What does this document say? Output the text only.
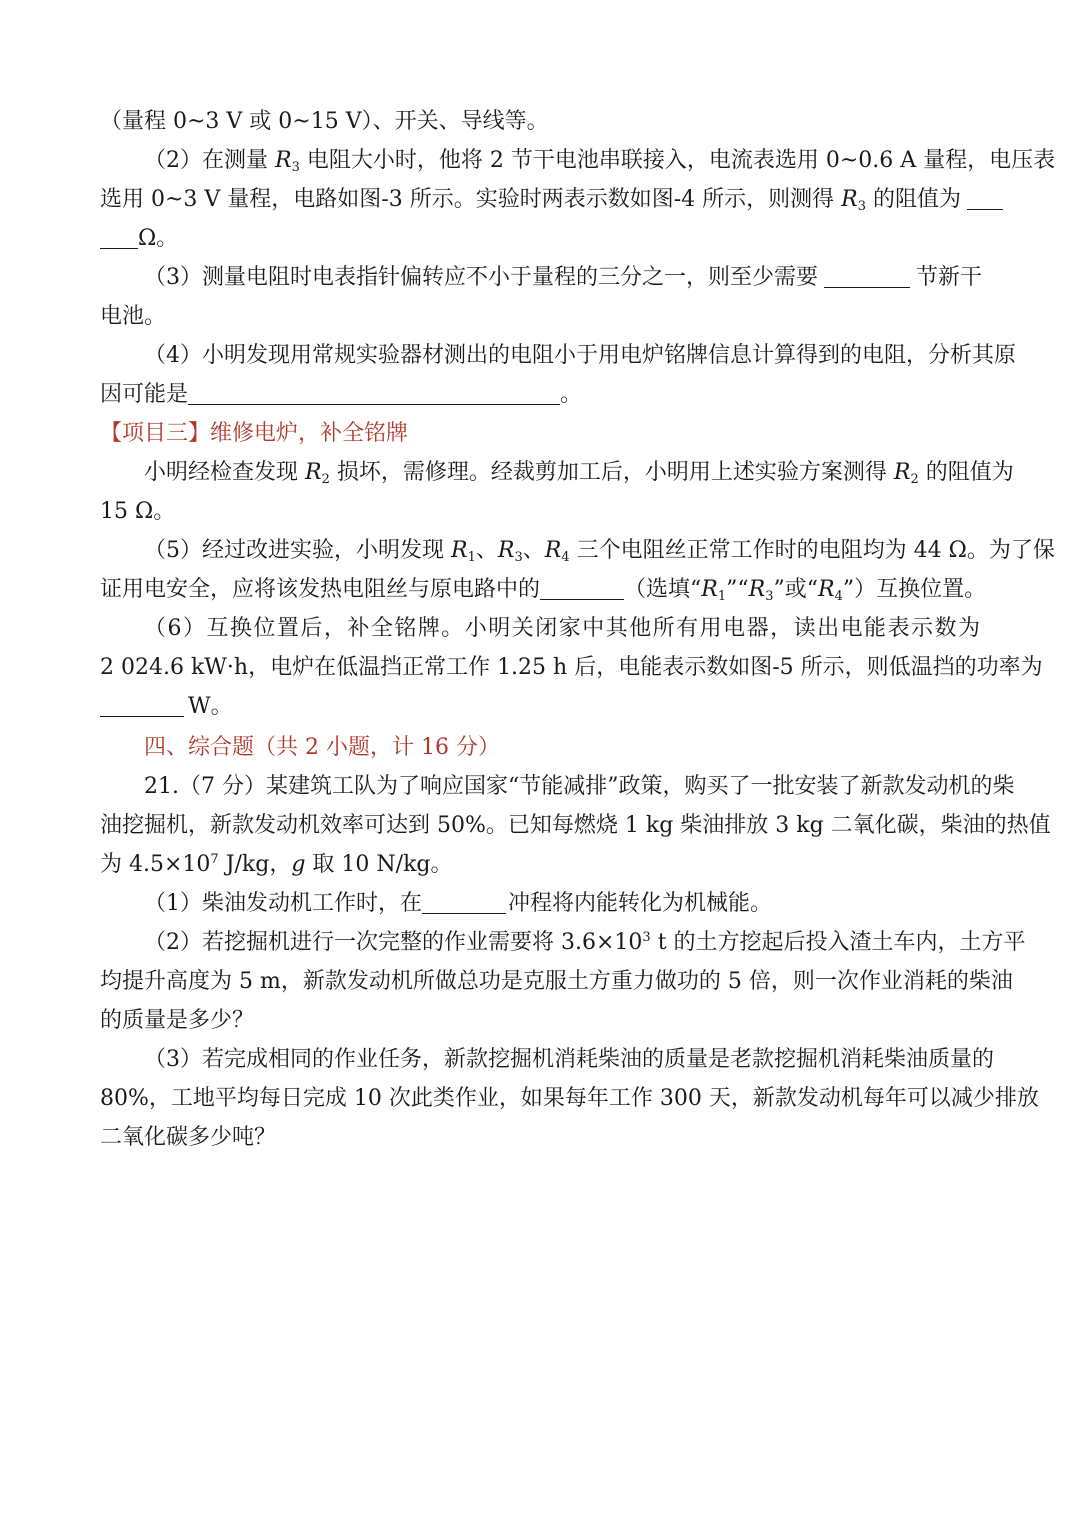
（量程 0~3 V 或 0~15 V）、开关、导线等。
（2）在测量 $R_3$ 电阻大小时，他将 2 节干电池串联接入，电流表选用 0~0.6 A 量程，电压表
选用 0~3 V 量程，电路如图-3 所示。实验时两表示数如图-4 所示，则测得 $R_3$ 的阻值为
Ω。
（3）测量电阻时电表指针偏转应不小于量程的三分之一，则至少需要	节新干
电池。
（4）小明发现用常规实验器材测出的电阻小于用电炉铭牌信息计算得到的电阻，分析其原
因可能是	。
【项目三】维修电炉，补全铭牌
小明经检查发现 $R_2$ 损坏，需修理。经裁剪加工后，小明用上述实验方案测得 $R_2$ 的阻值为
15 Ω。
（5）经过改进实验，小明发现 $R_1$、$R_3$、$R_4$ 三个电阻丝正常工作时的电阻均为 44 Ω。为了保
证用电安全，应将该发热电阻丝与原电路中的	（选填“$R_1”“R_3$”或“$R_4$”）互换位置。
（6）互换位置后，补全铭牌。小明关闭家中其他所有用电器，读出电能表示数为
2 024.6 kW·h，电炉在低温挡正常工作 1.25 h 后，电能表示数如图-5 所示，则低温挡的功率为
W。
四、综合题（共 2 小题，计 16 分）
21.（7 分）某建筑工队为了响应国家“节能减排”政策，购买了一批安装了新款发动机的柴
油挖掘机，新款发动机效率可达到 50%。已知每燃烧 1 kg 柴油排放 3 kg 二氧化碳，柴油的热值
为 $4.5\times 10^7$ J/kg，g 取 10 N/kg。
（1）柴油发动机工作时，在	冲程将内能转化为机械能。
（2）若挖掘机进行一次完整的作业需要将 $3.6\times 10^3$ t 的土方挖起后投入渣土车内，土方平
均提升高度为 5 m，新款发动机所做总功是克服土方重力做功的 5 倍，则一次作业消耗的柴油
的质量是多少？
（3）若完成相同的作业任务，新款挖掘机消耗柴油的质量是老款挖掘机消耗柴油质量的
80%，工地平均每日完成 10 次此类作业，如果每年工作 300 天，新款发动机每年可以减少排放
二氧化碳多少吨？
